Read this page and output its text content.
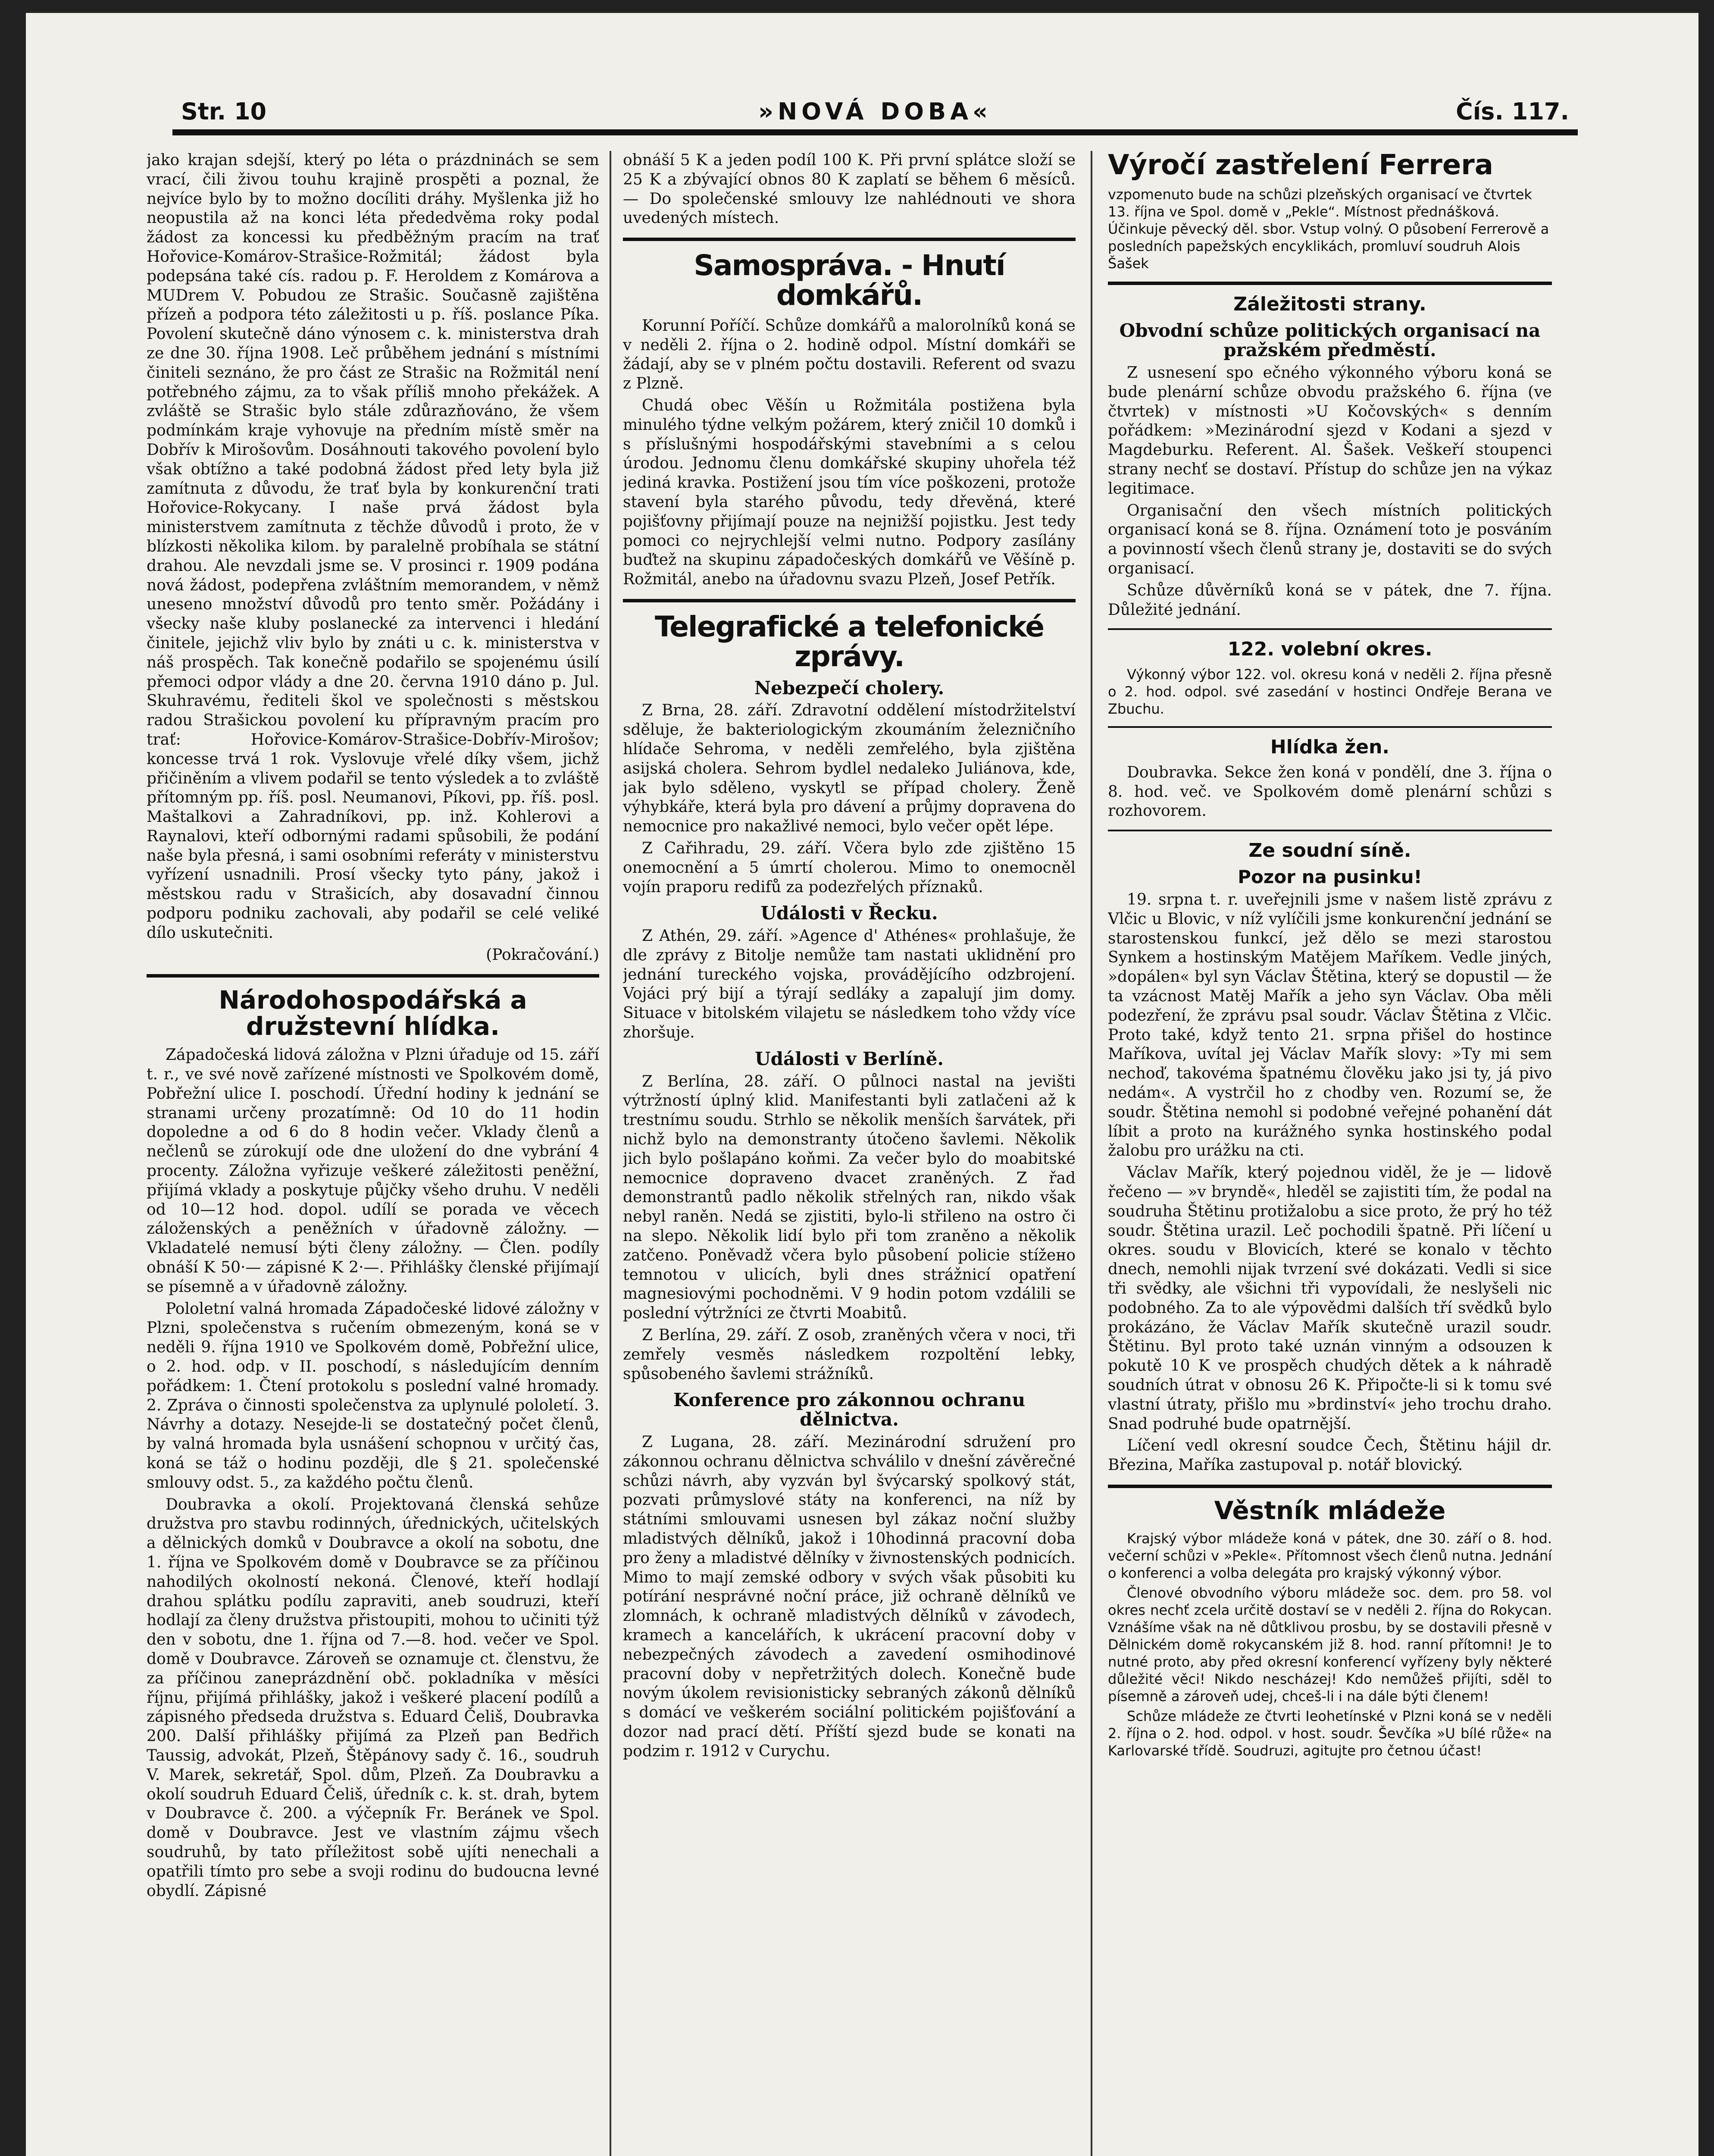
Str. 10	»NOVÁ DOBA«	Čís. 117.

jako krajan sdejší, který po léta o prázdninách se sem vrací, čili živou touhu krajině prospěti a poznal, že nejvíce bylo by to možno docíliti dráhy. Myšlenka již ho neopustila až na konci léta přededvěma roky podal žádost za koncessi ku předběžným pracím na trať Hořovice-Komárov-Strašice-Rožmitál; žádost byla podepsána také cís. radou p. F. Heroldem z Komárova a MUDrem V. Pobudou ze Strašic. Současně zajištěna přízeň a podpora této záležitosti u p. říš. poslance Píka. Povolení skutečně dáno výnosem c. k. ministerstva drah ze dne 30. října 1908. Leč průběhem jednání s místními činiteli seznáno, že pro část ze Strašic na Rožmitál není potřebného zájmu, za to však příliš mnoho překážek. A zvláště se Strašic bylo stále zdůrazňováno, že všem podmínkám kraje vyhovuje na předním místě směr na Dobřív k Mirošovům. Dosáhnouti takového povolení bylo však obtížno a také podobná žádost před lety byla již zamítnuta z důvodu, že trať byla by konkurenční trati Hořovice-Rokycany. I naše prvá žádost byla ministerstvem zamítnuta z těchže důvodů i proto, že v blízkosti několika kilom. by paralelně probíhala se státní drahou. Ale nevzdali jsme se. V prosinci r. 1909 podána nová žádost, podepřena zvláštním memorandem, v němž uneseno množství důvodů pro tento směr. Požádány i všecky naše kluby poslanecké za intervenci i hledání činitele, jejichž vliv bylo by znáti u c. k. ministerstva v náš prospěch. Tak konečně podařilo se spojenému úsilí přemoci odpor vlády a dne 20. června 1910 dáno p. Jul. Skuhravému, řediteli škol ve společnosti s městskou radou Strašickou povolení ku přípravným pracím pro trať: Hořovice-Komárov-Strašice-Dobřív-Mirošov; koncesse trvá 1 rok. Vyslovuje vřelé díky všem, jichž přičiněním a vlivem podařil se tento výsledek a to zvláště přítomným pp. říš. posl. Neumanovi, Píkovi, pp. říš. posl. Maštalkovi a Zahradníkovi, pp. inž. Kohlerovi a Raynalovi, kteří odbornými radami spůsobili, že podání naše byla přesná, i sami osobními referáty v ministerstvu vyřízení usnadnili. Prosí všecky tyto pány, jakož i městskou radu v Strašicích, aby dosavadní činnou podporu podniku zachovali, aby podařil se celé veliké dílo uskutečniti.

(Pokračování.)

Národohospodářská a družstevní hlídka.

Západočeská lidová záložna v Plzni úřaduje od 15. září t. r., ve své nově zařízené místnosti ve Spolkovém domě, Pobřežní ulice I. poschodí. Úřední hodiny k jednání se stranami určeny prozatímně: Od 10 do 11 hodin dopoledne a od 6 do 8 hodin večer. Vklady členů a nečlenů se zúrokují ode dne uložení do dne vybrání 4 procenty. Záložna vyřizuje veškeré záležitosti peněžní, přijímá vklady a poskytuje půjčky všeho druhu. V neděli od 10—12 hod. dopol. udílí se porada ve věcech záloženských a peněžních v úřadovně záložny. — Vkladatelé nemusí býti členy záložny. — Člen. podíly obnáší K 50·— zápisné K 2·—. Přihlášky členské přijímají se písemně a v úřadovně záložny.

Pololetní valná hromada Západočeské lidové záložny v Plzni, společenstva s ručením obmezeným, koná se v neděli 9. října 1910 ve Spolkovém domě, Pobřežní ulice, o 2. hod. odp. v II. poschodí, s následujícím denním pořádkem: 1. Čtení protokolu s poslední valné hromady. 2. Zpráva o činnosti společenstva za uplynulé pololetí. 3. Návrhy a dotazy. Nesejde-li se dostatečný počet členů, by valná hromada byla usnášení schopnou v určitý čas, koná se táž o hodinu později, dle § 21. společenské smlouvy odst. 5., za každého počtu členů.

Doubravka a okolí. Projektovaná členská sehůze družstva pro stavbu rodinných, úřednických, učitelských a dělnických domků v Doubravce a okolí na sobotu, dne 1. října ve Spolkovém domě v Doubravce se za příčinou nahodilých okolností nekoná. Členové, kteří hodlají drahou splátku podílu zapraviti, aneb soudruzi, kteří hodlají za členy družstva přistoupiti, mohou to učiniti týž den v sobotu, dne 1. října od 7.—8. hod. večer ve Spol. domě v Doubravce. Zároveň se oznamuje ct. členstvu, že za příčinou zaneprázdnění obč. pokladníka v měsíci říjnu, přijímá přihlášky, jakož i veškeré placení podílů a zápisného předseda družstva s. Eduard Čeliš, Doubravka 200. Další přihlášky přijímá za Plzeň pan Bedřich Taussig, advokát, Plzeň, Štěpánovy sady č. 16., soudruh V. Marek, sekretář, Spol. dům, Plzeň. Za Doubravku a okolí soudruh Eduard Čeliš, úředník c. k. st. drah, bytem v Doubravce č. 200. a výčepník Fr. Beránek ve Spol. domě v Doubravce. Jest ve vlastním zájmu všech soudruhů, by tato příležitost sobě ujíti nenechali a opatřili tímto pro sebe a svoji rodinu do budoucna levné obydlí. Zápisné

obnáší 5 K a jeden podíl 100 K. Při první splátce složí se 25 K a zbývající obnos 80 K zaplatí se během 6 měsíců. — Do společenské smlouvy lze nahlédnouti ve shora uvedených místech.

Samospráva. - Hnutí domkářů.

Korunní Poříčí. Schůze domkářů a malorolníků koná se v neděli 2. října o 2. hodině odpol. Místní domkáři se žádají, aby se v plném počtu dostavili. Referent od svazu z Plzně.

Chudá obec Věšín u Rožmitála postižena byla minulého týdne velkým požárem, který zničil 10 domků i s příslušnými hospodářskými stavebními a s celou úrodou. Jednomu členu domkářské skupiny uhořela též jediná kravka. Postižení jsou tím více poškozeni, protože stavení byla starého původu, tedy dřevěná, které pojišťovny přijímají pouze na nejnižší pojistku. Jest tedy pomoci co nejrychlejší velmi nutno. Podpory zasílány buďtež na skupinu západočeských domkářů ve Věšíně p. Rožmitál, anebo na úřadovnu svazu Plzeň, Josef Petřík.

Telegrafické a telefonické zprávy.
Nebezpečí cholery.

Z Brna, 28. září. Zdravotní oddělení místodržitelství sděluje, že bakteriologickým zkoumáním železničního hlídače Sehroma, v neděli zemřelého, byla zjištěna asijská cholera. Sehrom bydlel nedaleko Juliánova, kde, jak bylo sděleno, vyskytl se případ cholery. Ženě výhybkáře, která byla pro dávení a průjmy dopravena do nemocnice pro nakažlivé nemoci, bylo večer opět lépe.

Z Cařihradu, 29. září. Včera bylo zde zjištěno 15 onemocnění a 5 úmrtí cholerou. Mimo to onemocněl vojín praporu redifů za podezřelých příznaků.

Události v Řecku.

Z Athén, 29. září. »Agence d' Athénes« prohlašuje, že dle zprávy z Bitolje nemůže tam nastati uklidnění pro jednání tureckého vojska, provádějícího odzbrojení. Vojáci prý bijí a týrají sedláky a zapalují jim domy. Situace v bitolském vilajetu se následkem toho vždy více zhoršuje.

Události v Berlíně.

Z Berlína, 28. září. O půlnoci nastal na jevišti výtržností úplný klid. Manifestanti byli zatlačeni až k trestnímu soudu. Strhlo se několik menších šarvátek, při nichž bylo na demonstranty útočeno šavlemi. Několik jich bylo pošlapáno koňmi. Za večer bylo do moabitské nemocnice dopraveno dvacet zraněných. Z řad demonstrantů padlo několik střelných ran, nikdo však nebyl raněn. Nedá se zjistiti, bylo-li střileno na ostro či na slepo. Několik lidí bylo při tom zraněno a několik zatčeno. Poněvadž včera bylo působení policie stížено temnotou v ulicích, byli dnes strážnicí opatření magnesiovými pochodněmi. V 9 hodin potom vzdálili se poslední výtržníci ze čtvrti Moabitů.

Z Berlína, 29. září. Z osob, zraněných včera v noci, tři zemřely vesměs následkem rozpoltění lebky, spůsobeného šavlemi strážníků.

Konference pro zákonnou ochranu dělnictva.

Z Lugana, 28. září. Mezinárodní sdružení pro zákonnou ochranu dělnictva schválilo v dnešní závěrečné schůzi návrh, aby vyzván byl švýcarský spolkový stát, pozvati průmyslové státy na konferenci, na níž by státními smlouvami usnesen byl zákaz noční služby mladistvých dělníků, jakož i 10hodinná pracovní doba pro ženy a mladistvé dělníky v živnostenských podnicích. Mimo to mají zemské odbory v svých však působiti ku potírání nesprávné noční práce, již ochraně dělníků ve zlomnách, k ochraně mladistvých dělníků v závodech, kramech a kancelářích, k ukrácení pracovní doby v nebezpečných závodech a zavedení osmihodinové pracovní doby v nepřetržitých dolech. Konečně bude novým úkolem revisionisticky sebraných zákonů dělníků s domácí ve veškerém sociální politickém pojišťování a dozor nad prací dětí. Příští sjezd bude se konati na podzim r. 1912 v Curychu.

Výročí zastřelení Ferrera

vzpomenuto bude na schůzi plzeňských organisací ve čtvrtek 13. října ve Spol. domě v „Pekle“. Místnost přednášková. Účinkuje pěvecký děl. sbor. Vstup volný. O působení Ferrerově a posledních papežských encyklikách, promluví soudruh Alois Šašek

Záležitosti strany.
Obvodní schůze politických organisací na pražském předměstí.

Z usnesení spo ečného výkonného výboru koná se bude plenární schůze obvodu pražského 6. října (ve čtvrtek) v místnosti »U Kočovských« s denním pořádkem: »Mezinárodní sjezd v Kodani a sjezd v Magdeburku. Referent. Al. Šašek. Veškeří stoupenci strany nechť se dostaví. Přístup do schůze jen na výkaz legitimace.

Organisační den všech místních politických organisací koná se 8. října. Oznámení toto je posváním a povinností všech členů strany je, dostaviti se do svých organisací.

Schůze důvěrníků koná se v pátek, dne 7. října. Důležité jednání.

122. volební okres.

Výkonný výbor 122. vol. okresu koná v neděli 2. října přesně o 2. hod. odpol. své zasedání v hostinci Ondřeje Berana ve Zbuchu.

Hlídka žen.

Doubravka. Sekce žen koná v pondělí, dne 3. října o 8. hod. več. ve Spolkovém domě plenární schůzi s rozhovorem.

Ze soudní síně.
Pozor na pusinku!

19. srpna t. r. uveřejnili jsme v našem listě zprávu z Vlčic u Blovic, v níž vylíčili jsme konkurenční jednání se starostenskou funkcí, jež dělo se mezi starostou Synkem a hostinským Matějem Maříkem. Vedle jiných, »dopálen« byl syn Václav Štětina, který se dopustil — že ta vzácnost Matěj Mařík a jeho syn Václav. Oba měli podezření, že zprávu psal soudr. Václav Štětina z Vlčic. Proto také, když tento 21. srpna přišel do hostince Maříkova, uvítal jej Václav Mařík slovy: »Ty mi sem nechoď, takovéma špatnému člověku jako jsi ty, já pivo nedám«. A vystrčil ho z chodby ven. Rozumí se, že soudr. Štětina nemohl si podobné veřejné pohanění dát líbit a proto na kurážného synka hostinského podal žalobu pro urážku na cti.

Václav Mařík, který pojednou viděl, že je — lidově řečeno — »v bryndě«, hleděl se zajistiti tím, že podal na soudruha Štětinu protižalobu a sice proto, že prý ho též soudr. Štětina urazil. Leč pochodili špatně. Při líčení u okres. soudu v Blovicích, které se konalo v těchto dnech, nemohli nijak tvrzení své dokázati. Vedli si sice tři svědky, ale všichni tři vypovídali, že neslyšeli nic podobného. Za to ale výpovědmi dalších tří svědků bylo prokázáno, že Václav Mařík skutečně urazil soudr. Štětinu. Byl proto také uznán vinným a odsouzen k pokutě 10 K ve prospěch chudých dětek a k náhradě soudních útrat v obnosu 26 K. Připočte-li si k tomu své vlastní útraty, přišlo mu »brdinství« jeho trochu draho. Snad podruhé bude opatrnější.

Líčení vedl okresní soudce Čech, Štětinu hájil dr. Březina, Maříka zastupoval p. notář blovický.

Věstník mládeže

Krajský výbor mládeže koná v pátek, dne 30. září o 8. hod. večerní schůzi v »Pekle«. Přítomnost všech členů nutna. Jednání o konferenci a volba delegáta pro krajský výkonný výbor.

Členové obvodního výboru mládeže soc. dem. pro 58. vol okres nechť zcela určitě dostaví se v neděli 2. října do Rokycan. Vznášíme však na ně důtklivou prosbu, by se dostavili přesně v Dělnickém domě rokycanském již 8. hod. ranní přítomni! Je to nutné proto, aby před okresní konferencí vyřízeny byly některé důležité věci! Nikdo nescházej! Kdo nemůžeš přijíti, sděl to písemně a zároveň udej, chceš-li i na dále býti členem!

Schůze mládeže ze čtvrti Ieohetínské v Plzni koná se v neděli 2. října o 2. hod. odpol. v host. soudr. Ševčíka »U bílé růže« na Karlovarské třídě. Soudruzi, agitujte pro četnou účast!
